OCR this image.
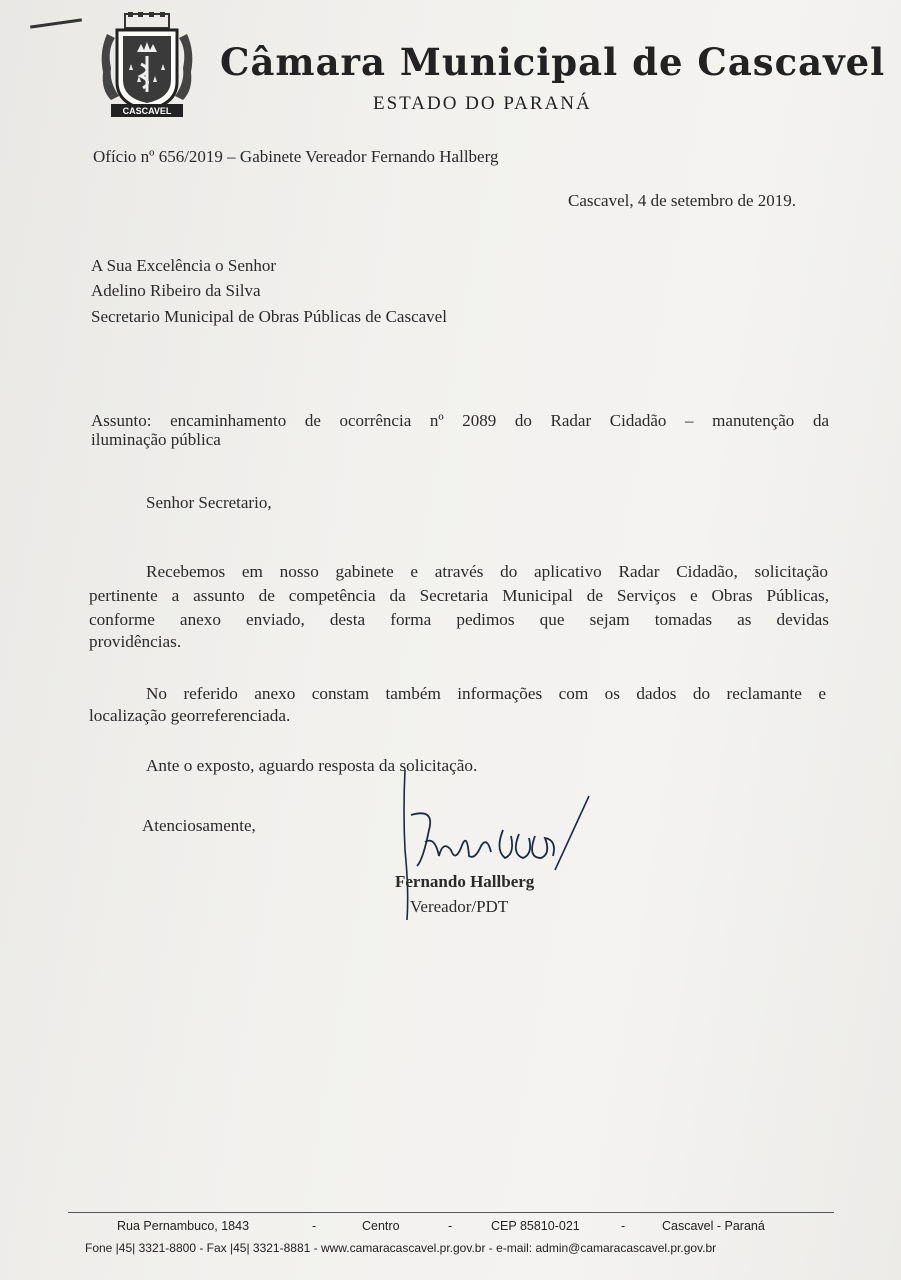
CASCAVEL
Câmara Municipal de Cascavel
ESTADO DO PARANÁ
Ofício nº 656/2019 – Gabinete Vereador Fernando Hallberg
Cascavel, 4 de setembro de 2019.
A Sua Excelência o Senhor
Adelino Ribeiro da Silva
Secretario Municipal de Obras Públicas de Cascavel
Assunto: encaminhamento de ocorrência nº 2089 do Radar Cidadão – manutenção da
iluminação pública
Senhor Secretario,
Recebemos em nosso gabinete e através do aplicativo Radar Cidadão, solicitação
pertinente a assunto de competência da Secretaria Municipal de Serviços e Obras Públicas,
conforme anexo enviado, desta forma pedimos que sejam tomadas as devidas
providências.
No referido anexo constam também informações com os dados do reclamante e
localização georreferenciada.
Ante o exposto, aguardo resposta da solicitação.
Atenciosamente,
Fernando Hallberg
Vereador/PDT
Rua Pernambuco, 1843	-	Centro	-	CEP 85810-021	-	Cascavel - Paraná
Fone |45| 3321-8800 - Fax |45| 3321-8881 - www.camaracascavel.pr.gov.br - e-mail: admin@camaracascavel.pr.gov.br
